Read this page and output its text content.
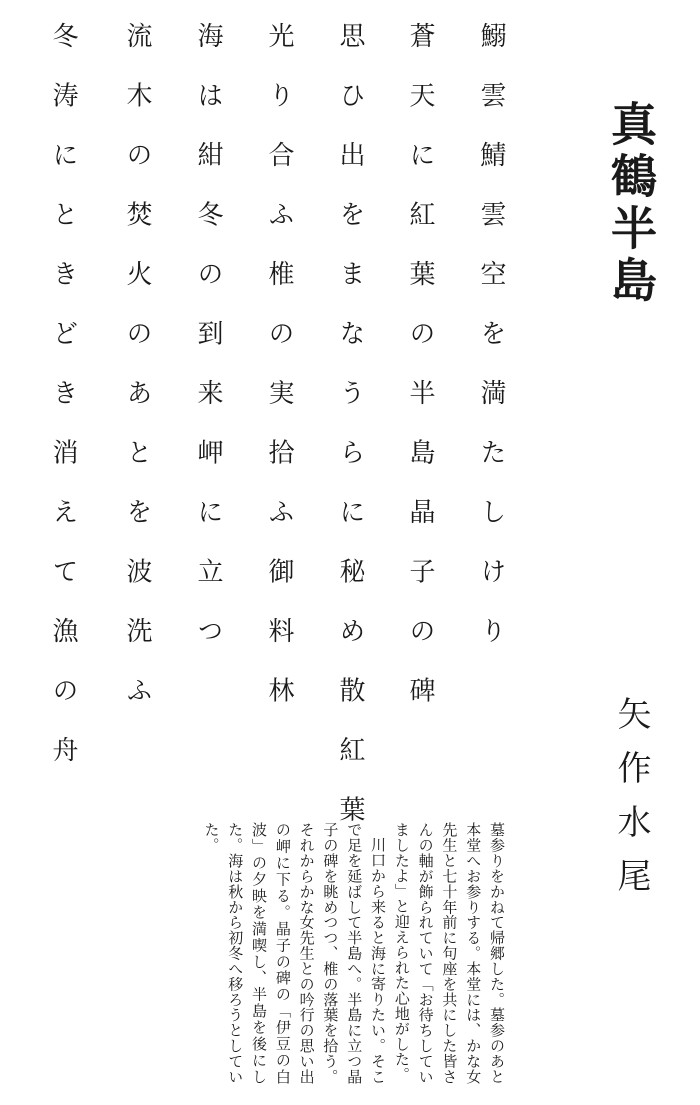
真鶴半島
矢作水尾
鰯雲鯖雲空を満たしけり
蒼天に紅葉の半島晶子の碑
思ひ出をまなうらに秘め散紅葉
光り合ふ椎の実拾ふ御料林
海は紺冬の到来岬に立つ
流木の焚火のあとを波洗ふ
冬涛にときどき消えて漁の舟

墓参りをかねて帰郷した。墓参のあと本堂へお参りする。本堂には、かな女先生と七十年前に句座を共にした皆さんの軸が飾られていて「お待ちしていましたよ」と迎えられた心地がした。

川口から来ると海に寄りたい。そこで足を延ばして半島へ。半島に立つ晶子の碑を眺めつつ、椎の落葉を拾う。それからかな女先生との吟行の思い出の岬に下る。晶子の碑の「伊豆の白波」の夕映を満喫し、半島を後にした。海は秋から初冬へ移ろうとしていた。
